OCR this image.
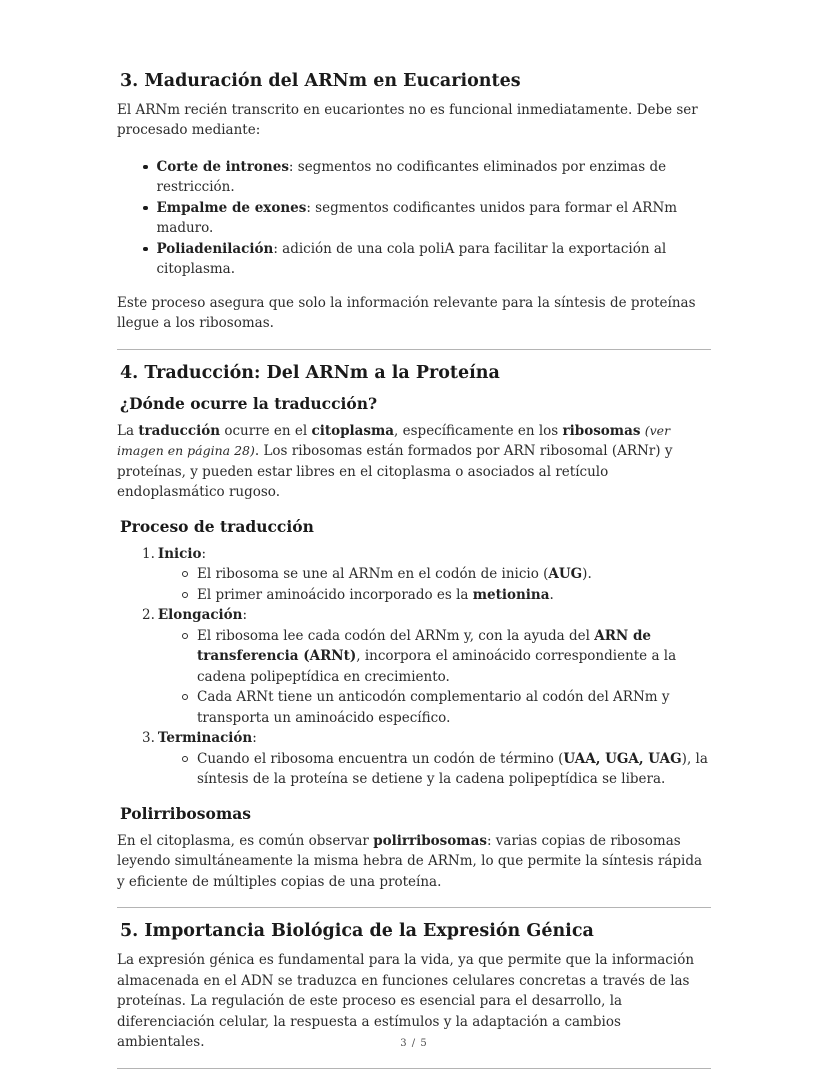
3. Maduración del ARNm en Eucariontes

El ARNm recién transcrito en eucariontes no es funcional inmediatamente. Debe ser procesado mediante:

Corte de intrones: segmentos no codificantes eliminados por enzimas de restricción.
Empalme de exones: segmentos codificantes unidos para formar el ARNm maduro.
Poliadenilación: adición de una cola poliA para facilitar la exportación al citoplasma.

Este proceso asegura que solo la información relevante para la síntesis de proteínas llegue a los ribosomas.

4. Traducción: Del ARNm a la Proteína
¿Dónde ocurre la traducción?

La traducción ocurre en el citoplasma, específicamente en los ribosomas (ver imagen en página 28). Los ribosomas están formados por ARN ribosomal (ARNr) y proteínas, y pueden estar libres en el citoplasma o asociados al retículo endoplasmático rugoso.

Proceso de traducción
1. Inicio:
El ribosoma se une al ARNm en el codón de inicio (AUG).
El primer aminoácido incorporado es la metionina.
2. Elongación:
El ribosoma lee cada codón del ARNm y, con la ayuda del ARN de transferencia (ARNt), incorpora el aminoácido correspondiente a la cadena polipeptídica en crecimiento.
Cada ARNt tiene un anticodón complementario al codón del ARNm y transporta un aminoácido específico.
3. Terminación:
Cuando el ribosoma encuentra un codón de término (UAA, UGA, UAG), la síntesis de la proteína se detiene y la cadena polipeptídica se libera.
Polirribosomas

En el citoplasma, es común observar polirribosomas: varias copias de ribosomas leyendo simultáneamente la misma hebra de ARNm, lo que permite la síntesis rápida y eficiente de múltiples copias de una proteína.

5. Importancia Biológica de la Expresión Génica

La expresión génica es fundamental para la vida, ya que permite que la información almacenada en el ADN se traduzca en funciones celulares concretas a través de las proteínas. La regulación de este proceso es esencial para el desarrollo, la diferenciación celular, la respuesta a estímulos y la adaptación a cambios ambientales.	3 / 5
